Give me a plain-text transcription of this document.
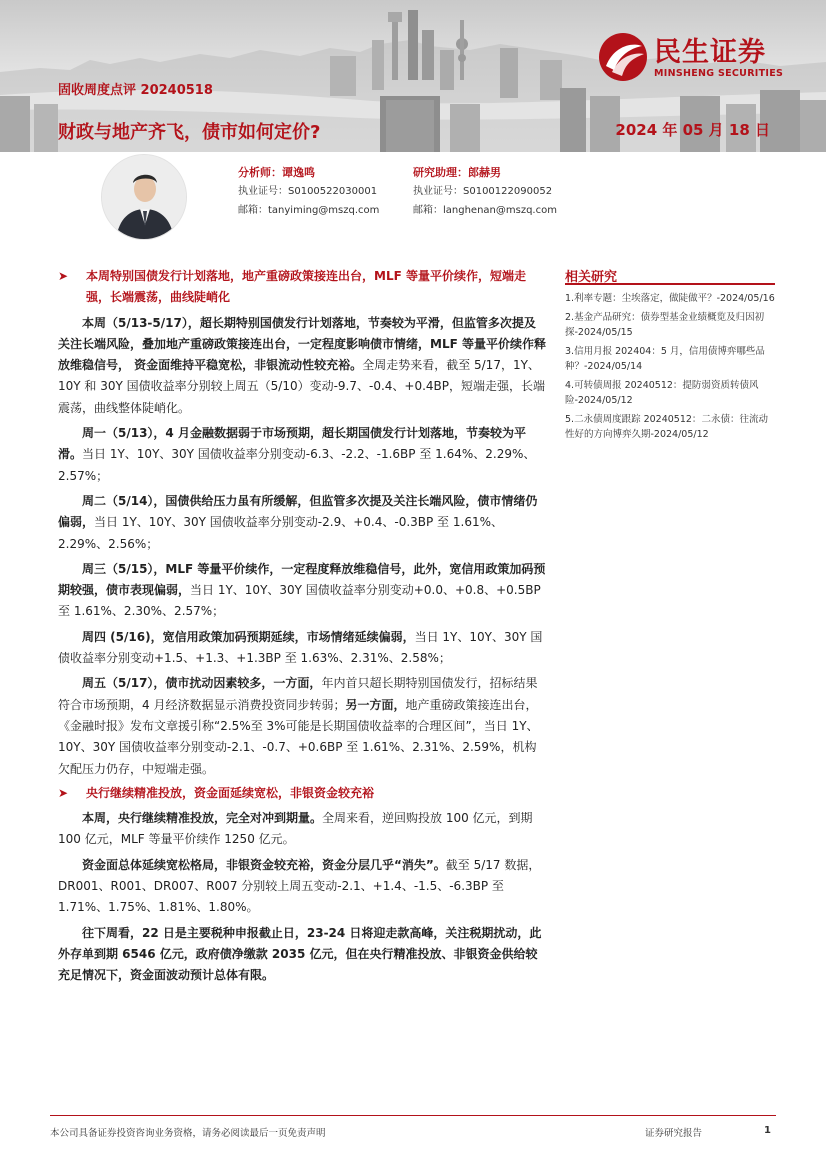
固收周度点评 20240518
财政与地产齐飞，债市如何定价?	2024 年 05 月 18 日
民生证券
MINSHENG SECURITIES
分析师：谭逸鸣
执业证号：S0100522030001
邮箱：tanyiming@mszq.com
研究助理：郎赫男
执业证号：S0100122090052
邮箱：langhenan@mszq.com
➤ 本周特别国债发行计划落地，地产重磅政策接连出台，MLF 等量平价续作，短端走强，长端震荡，曲线陡峭化

本周（5/13-5/17），超长期特别国债发行计划落地，节奏较为平滑，但监管多次提及关注长端风险，叠加地产重磅政策接连出台，一定程度影响债市情绪，MLF 等量平价续作释放维稳信号， 资金面维持平稳宽松，非银流动性较充裕。全周走势来看，截至 5/17，1Y、10Y 和 30Y 国债收益率分别较上周五（5/10）变动-9.7、-0.4、+0.4BP，短端走强，长端震荡，曲线整体陡峭化。

周一（5/13），4 月金融数据弱于市场预期，超长期国债发行计划落地，节奏较为平滑。当日 1Y、10Y、30Y 国债收益率分别变动-6.3、-2.2、-1.6BP 至 1.64%、2.29%、2.57%；

周二（5/14），国债供给压力虽有所缓解，但监管多次提及关注长端风险，债市情绪仍偏弱，当日 1Y、10Y、30Y 国债收益率分别变动-2.9、+0.4、-0.3BP 至 1.61%、2.29%、2.56%；

周三（5/15），MLF 等量平价续作，一定程度释放维稳信号，此外，宽信用政策加码预期较强，债市表现偏弱，当日 1Y、10Y、30Y 国债收益率分别变动+0.0、+0.8、+0.5BP 至 1.61%、2.30%、2.57%；

周四 (5/16)，宽信用政策加码预期延续，市场情绪延续偏弱，当日 1Y、10Y、30Y 国债收益率分别变动+1.5、+1.3、+1.3BP 至 1.63%、2.31%、2.58%；

周五（5/17），债市扰动因素较多，一方面，年内首只超长期特别国债发行，招标结果符合市场预期，4 月经济数据显示消费投资同步转弱；另一方面，地产重磅政策接连出台，《金融时报》发布文章援引称“2.5%至 3%可能是长期国债收益率的合理区间”，当日 1Y、10Y、30Y 国债收益率分别变动-2.1、-0.7、+0.6BP 至 1.61%、2.31%、2.59%，机构欠配压力仍存，中短端走强。

➤ 央行继续精准投放，资金面延续宽松，非银资金较充裕

本周，央行继续精准投放，完全对冲到期量。全周来看，逆回购投放 100 亿元，到期 100 亿元，MLF 等量平价续作 1250 亿元。

资金面总体延续宽松格局，非银资金较充裕，资金分层几乎“消失”。截至 5/17 数据，DR001、R001、DR007、R007 分别较上周五变动-2.1、+1.4、-1.5、-6.3BP 至 1.71%、1.75%、1.81%、1.80%。

往下周看，22 日是主要税种申报截止日，23-24 日将迎走款高峰，关注税期扰动，此外存单到期 6546 亿元，政府债净缴款 2035 亿元，但在央行精准投放、非银资金供给较充足情况下，资金面波动预计总体有限。

相关研究
1.利率专题：尘埃落定，做陡做平？-2024/05/16
2.基金产品研究：债券型基金业绩概览及归因初探-2024/05/15
3.信用月报 202404：5 月，信用债博弈哪些品种？-2024/05/14
4.可转债周报 20240512：提防弱资质转债风险-2024/05/12
5.二永债周度跟踪 20240512：二永债：往流动性好的方向博弈久期-2024/05/12
本公司具备证券投资咨询业务资格，请务必阅读最后一页免责声明	证券研究报告	1
